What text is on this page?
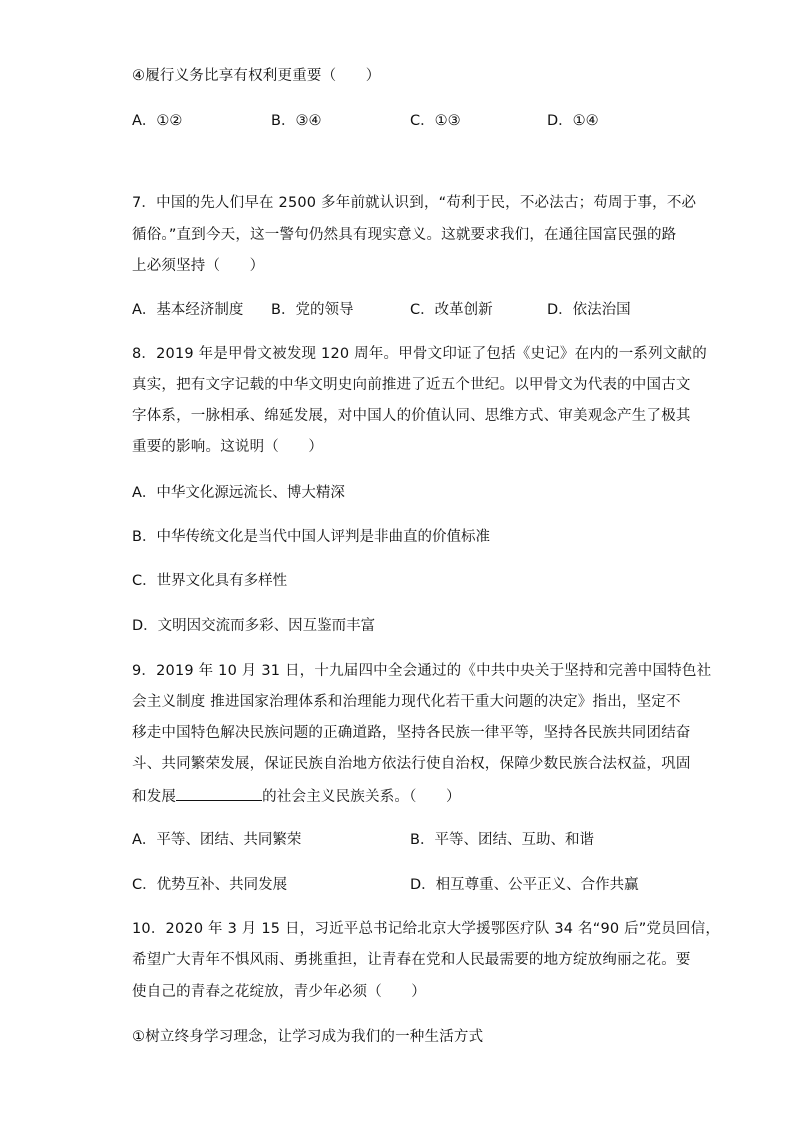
④履行义务比享有权利更重要（　　）
A．①②	B．③④	C．①③	D．①④
7．中国的先人们早在 2500 多年前就认识到，“苟利于民，不必法古；苟周于事，不必
循俗。”直到今天，这一警句仍然具有现实意义。这就要求我们，在通往国富民强的路
上必须坚持（　　）
A．基本经济制度 B．党的领导	C．改革创新	D．依法治国
8．2019 年是甲骨文被发现 120 周年。甲骨文印证了包括《史记》在内的一系列文献的
真实，把有文字记载的中华文明史向前推进了近五个世纪。以甲骨文为代表的中国古文
字体系，一脉相承、绵延发展，对中国人的价值认同、思维方式、审美观念产生了极其
重要的影响。这说明（　　）
A．中华文化源远流长、博大精深
B．中华传统文化是当代中国人评判是非曲直的价值标准
C．世界文化具有多样性
D．文明因交流而多彩、因互鉴而丰富
9．2019 年 10 月 31 日，十九届四中全会通过的《中共中央关于坚持和完善中国特色社
会主义制度 推进国家治理体系和治理能力现代化若干重大问题的决定》指出，坚定不
移走中国特色解决民族问题的正确道路，坚持各民族一律平等，坚持各民族共同团结奋
斗、共同繁荣发展，保证民族自治地方依法行使自治权，保障少数民族合法权益，巩固
和发展	的社会主义民族关系。（　　）
A．平等、团结、共同繁荣	B．平等、团结、互助、和谐
C．优势互补、共同发展	D．相互尊重、公平正义、合作共赢
10．2020 年 3 月 15 日，习近平总书记给北京大学援鄂医疗队 34 名“90 后”党员回信，
希望广大青年不惧风雨、勇挑重担，让青春在党和人民最需要的地方绽放绚丽之花。要
使自己的青春之花绽放，青少年必须（　　）
①树立终身学习理念，让学习成为我们的一种生活方式
